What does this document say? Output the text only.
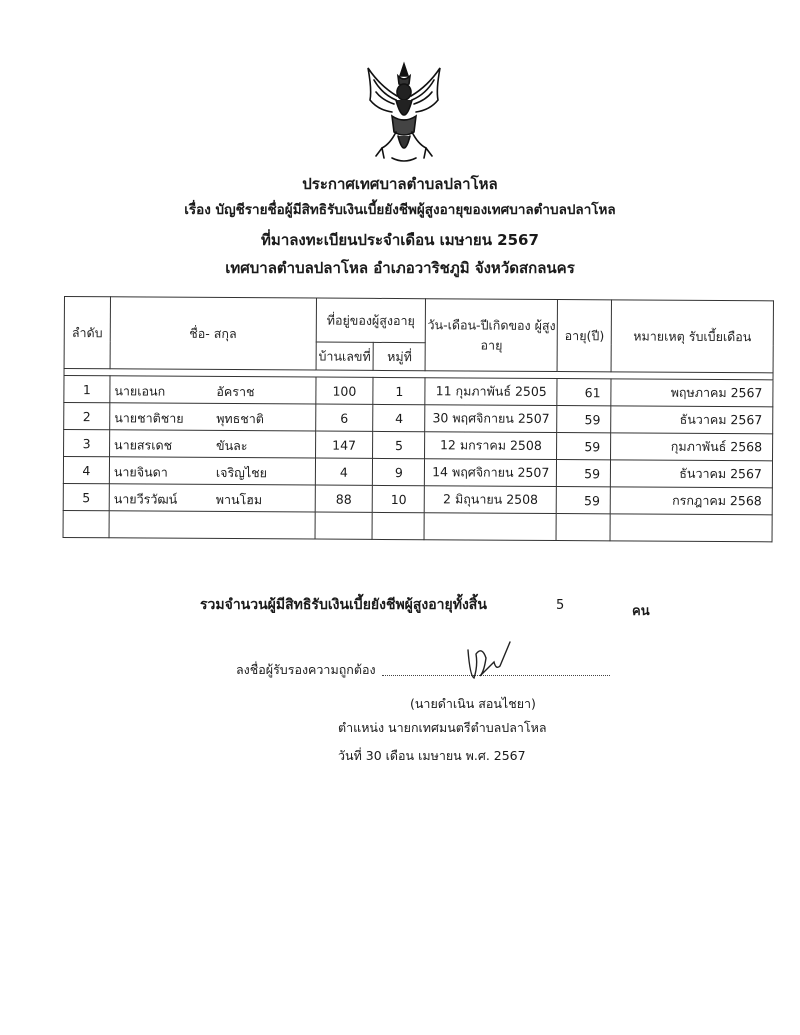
ประกาศเทศบาลตำบลปลาโหล
เรื่อง บัญชีรายชื่อผู้มีสิทธิรับเงินเบี้ยยังชีพผู้สูงอายุของเทศบาลตำบลปลาโหล
ที่มาลงทะเบียนประจำเดือน เมษายน 2567
เทศบาลตำบลปลาโหล อำเภอวาริชภูมิ จังหวัดสกลนคร
ลำดับ	ชื่อ- สกุล	ที่อยู่ของผู้สูงอายุ		วัน-เดือน-ปีเกิดของ ผู้สูงอายุ	อายุ(ปี)	หมายเหตุ รับเบี้ยเดือน
		บ้านเลขที่	หมู่ที่			

1	นายเอนก อัคราช	100	1	11 กุมภาพันธ์ 2505	61	พฤษภาคม 2567
2	นายชาติชาย พุทธชาติ	6	4	30 พฤศจิกายน 2507	59	ธันวาคม 2567
3	นายสรเดช ขันละ	147	5	12 มกราคม 2508	59	กุมภาพันธ์ 2568
4	นายจินดา เจริญไชย	4	9	14 พฤศจิกายน 2507	59	ธันวาคม 2567
5	นายวีรวัฒน์ พานโฮม	88	10	2 มิถุนายน 2508	59	กรกฎาคม 2568

รวมจำนวนผู้มีสิทธิรับเงินเบี้ยยังชีพผู้สูงอายุทั้งสิ้น	5	คน
ลงชื่อผู้รับรองความถูกต้อง
(นายดำเนิน สอนไชยา)
ตำแหน่ง นายกเทศมนตรีตำบลปลาโหล
วันที่ 30 เดือน เมษายน พ.ศ. 2567
